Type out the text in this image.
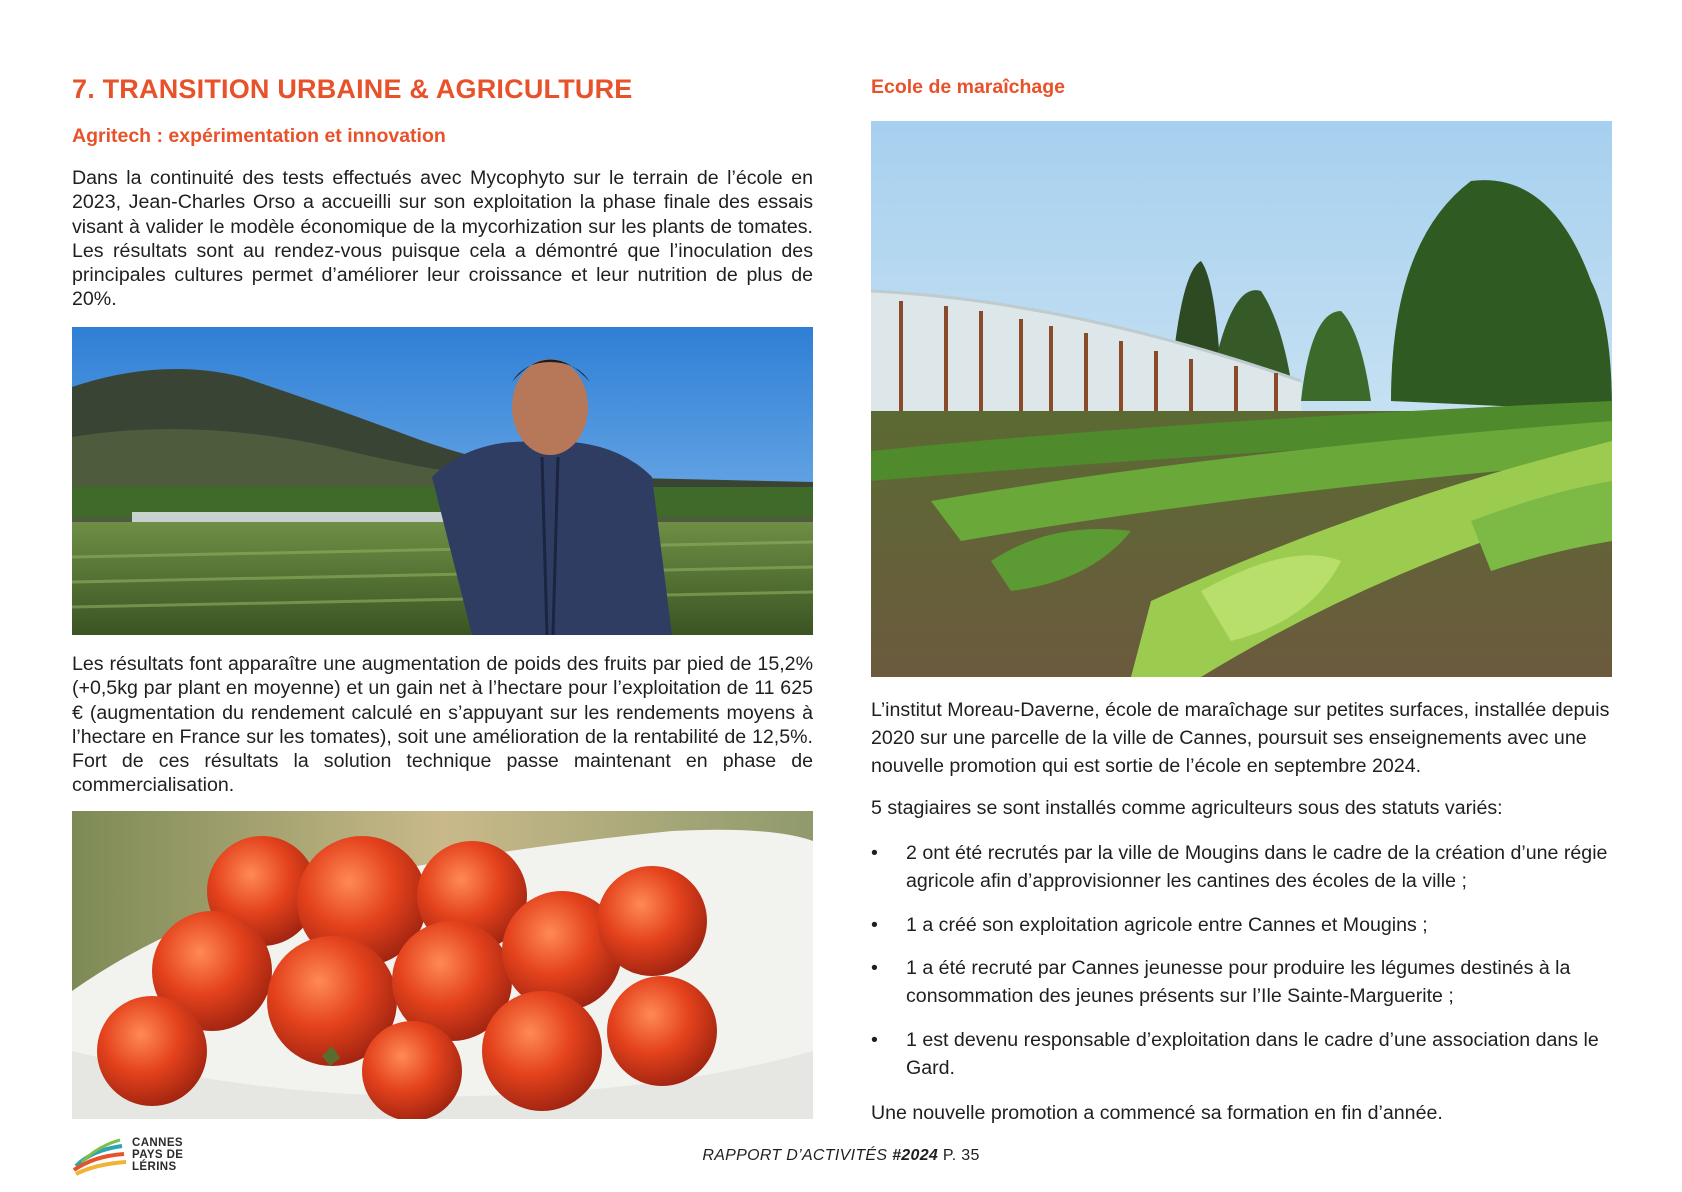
7. TRANSITION URBAINE & AGRICULTURE
Agritech : expérimentation et innovation

Dans la continuité des tests effectués avec Mycophyto sur le terrain de l’école en 2023, Jean-Charles Orso a accueilli sur son exploitation la phase finale des essais visant à valider le modèle économique de la mycorhization sur les plants de tomates. Les résultats sont au rendez-vous puisque cela a démontré que l’inoculation des principales cultures permet d’améliorer leur croissance et leur nutrition de plus de 20%.

Les résultats font apparaître une augmentation de poids des fruits par pied de 15,2% (+0,5kg par plant en moyenne) et un gain net à l’hectare pour l’exploitation de 11 625 € (augmentation du rendement calculé en s’appuyant sur les rendements moyens à l’hectare en France sur les tomates), soit une amélioration de la rentabilité de 12,5%. Fort de ces résultats la solution technique passe maintenant en phase de commercialisation.

Ecole de maraîchage

L’institut Moreau-Daverne, école de maraîchage sur petites surfaces, installée depuis 2020 sur une parcelle de la ville de Cannes, poursuit ses enseignements avec une nouvelle promotion qui est sortie de l’école en septembre 2024.

5 stagiaires se sont installés comme agriculteurs sous des statuts variés:

•	2 ont été recrutés par la ville de Mougins dans le cadre de la création d’une régie agricole afin d’approvisionner les cantines des écoles de la ville ;
•	1 a créé son exploitation agricole entre Cannes et Mougins ;
•	1 a été recruté par Cannes jeunesse pour produire les légumes destinés à la consommation des jeunes présents sur l’Ile Sainte-Marguerite ;
•	1 est devenu responsable d’exploitation dans le cadre d’une association dans le Gard.

Une nouvelle promotion a commencé sa formation en fin d’année.

CANNES
PAYS DE
LÉRINS
RAPPORT D’ACTIVITÉS #2024 P. 35
